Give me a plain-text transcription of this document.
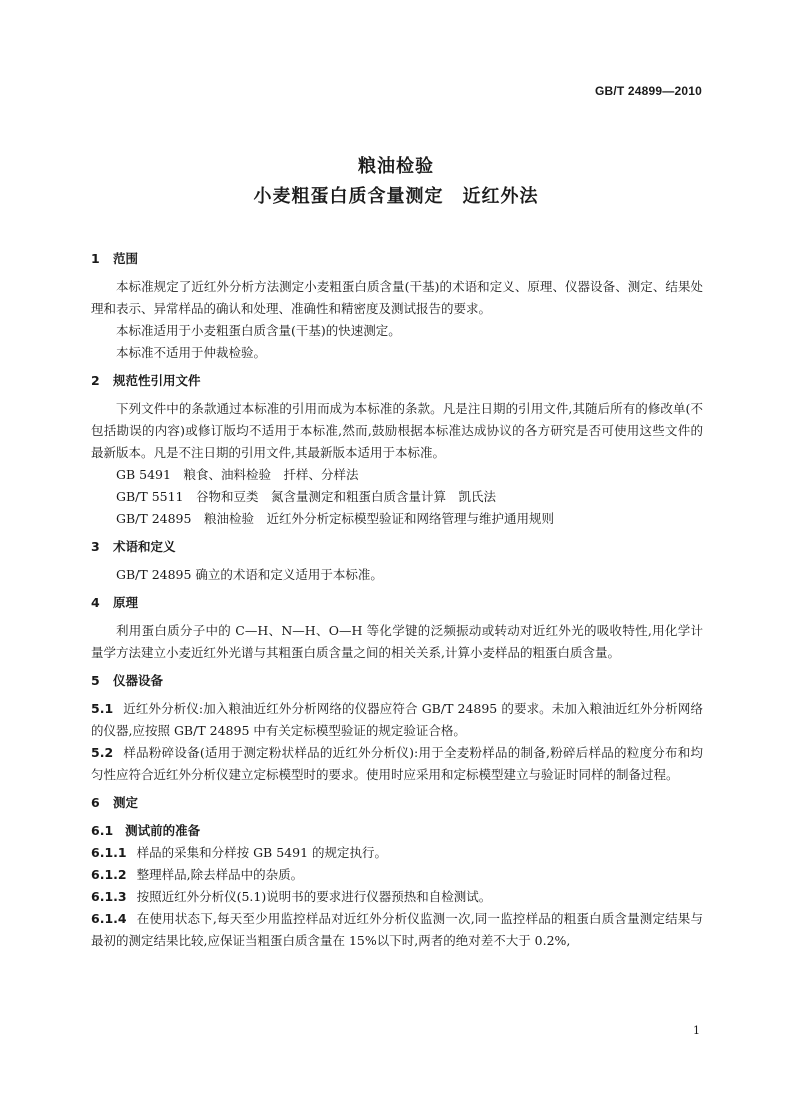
GB/T 24899—2010
粮油检验
小麦粗蛋白质含量测定　近红外法

1 范围

本标准规定了近红外分析方法测定小麦粗蛋白质含量(干基)的术语和定义、原理、仪器设备、测定、结果处理和表示、异常样品的确认和处理、准确性和精密度及测试报告的要求。

本标准适用于小麦粗蛋白质含量(干基)的快速测定。

本标准不适用于仲裁检验。

2 规范性引用文件

下列文件中的条款通过本标准的引用而成为本标准的条款。凡是注日期的引用文件,其随后所有的修改单(不包括勘误的内容)或修订版均不适用于本标准,然而,鼓励根据本标准达成协议的各方研究是否可使用这些文件的最新版本。凡是不注日期的引用文件,其最新版本适用于本标准。

GB 5491　粮食、油料检验　扦样、分样法

GB/T 5511　谷物和豆类　氮含量测定和粗蛋白质含量计算　凯氏法

GB/T 24895　粮油检验　近红外分析定标模型验证和网络管理与维护通用规则

3 术语和定义

GB/T 24895 确立的术语和定义适用于本标准。

4 原理

利用蛋白质分子中的 C—H、N—H、O—H 等化学键的泛频振动或转动对近红外光的吸收特性,用化学计量学方法建立小麦近红外光谱与其粗蛋白质含量之间的相关关系,计算小麦样品的粗蛋白质含量。

5 仪器设备

5.1 近红外分析仪:加入粮油近红外分析网络的仪器应符合 GB/T 24895 的要求。未加入粮油近红外分析网络的仪器,应按照 GB/T 24895 中有关定标模型验证的规定验证合格。

5.2 样品粉碎设备(适用于测定粉状样品的近红外分析仪):用于全麦粉样品的制备,粉碎后样品的粒度分布和均匀性应符合近红外分析仪建立定标模型时的要求。使用时应采用和定标模型建立与验证时同样的制备过程。

6 测定

6.1 测试前的准备

6.1.1 样品的采集和分样按 GB 5491 的规定执行。

6.1.2 整理样品,除去样品中的杂质。

6.1.3 按照近红外分析仪(5.1)说明书的要求进行仪器预热和自检测试。

6.1.4 在使用状态下,每天至少用监控样品对近红外分析仪监测一次,同一监控样品的粗蛋白质含量测定结果与最初的测定结果比较,应保证当粗蛋白质含量在 15%以下时,两者的绝对差不大于 0.2%,

1
